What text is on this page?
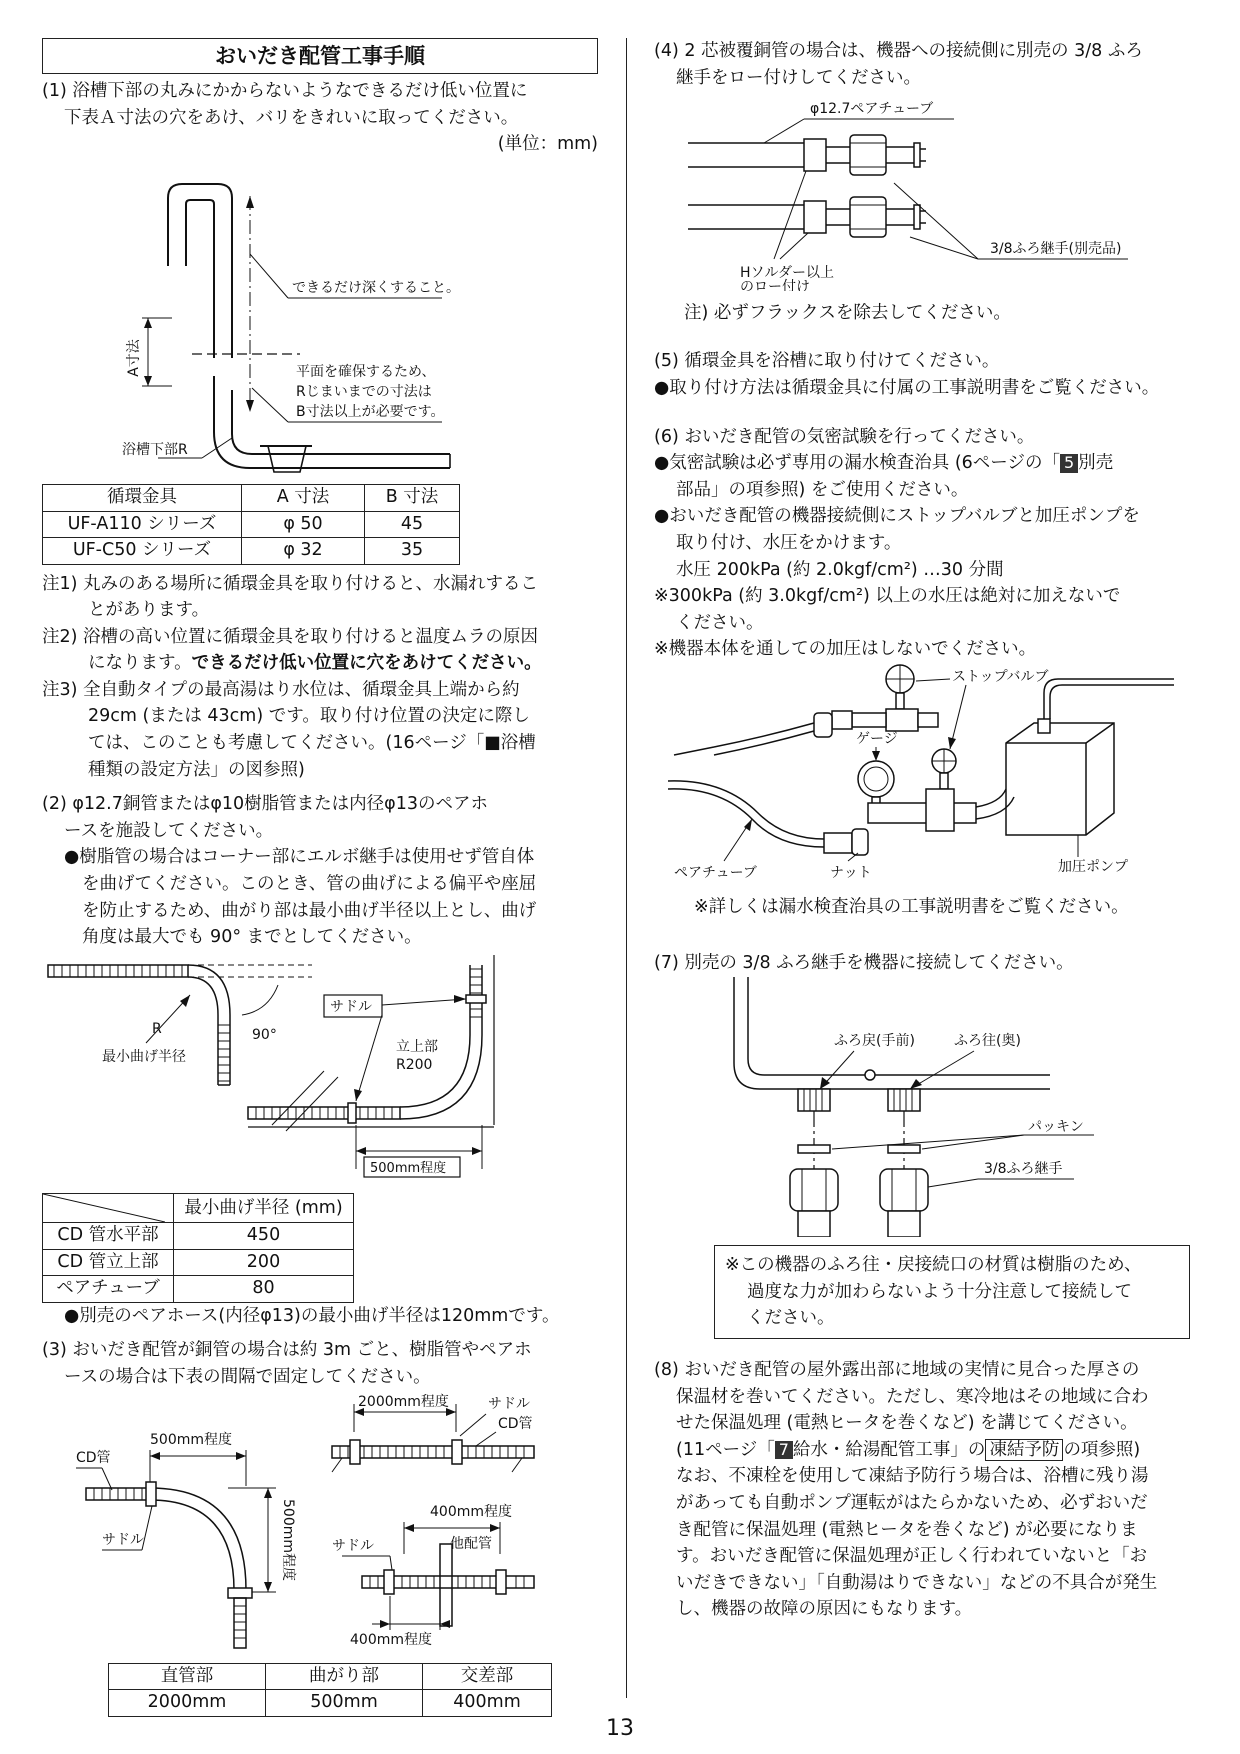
おいだき配管工事手順

(1) 浴槽下部の丸みにかからないようなできるだけ低い位置に

下表Ａ寸法の穴をあけ、バリをきれいに取ってください。

(単位：mm)

A寸法
できるだけ深くすること。
平面を確保するため、
Rじまいまでの寸法は
B寸法以上が必要です。
浴槽下部R
循環金具	A 寸法	B 寸法
UF-A110 シリーズ	φ 50	45
UF-C50 シリーズ	φ 32	35

注1) 丸みのある場所に循環金具を取り付けると、水漏れするこ

とがあります。

注2) 浴槽の高い位置に循環金具を取り付けると温度ムラの原因

になります。できるだけ低い位置に穴をあけてください。

注3) 全自動タイプの最高湯はり水位は、循環金具上端から約

29cm (または 43cm) です。取り付け位置の決定に際し

ては、このことも考慮してください。(16ページ「■浴槽

種類の設定方法」の図参照)

(2) φ12.7銅管またはφ10樹脂管または内径φ13のペアホ

ースを施設してください。

●樹脂管の場合はコーナー部にエルボ継手は使用せず管自体

を曲げてください。このとき、管の曲げによる偏平や座屈

を防止するため、曲がり部は最小曲げ半径以上とし、曲げ

角度は最大でも 90° までとしてください。

90°
R
最小曲げ半径
サドル
立上部
R200
500mm程度
	最小曲げ半径 (mm)
CD 管水平部	450
CD 管立上部	200
ペアチューブ	80

●別売のペアホース(内径φ13)の最小曲げ半径は120mmです。

(3) おいだき配管が銅管の場合は約 3m ごと、樹脂管やペアホ

ースの場合は下表の間隔で固定してください。

2000mm程度	サドル
CD管
500mm程度
CD管
500mm程度
サドル
400mm程度
他配管
サドル
400mm程度
直管部	曲がり部	交差部
2000mm	500mm	400mm

(4) 2 芯被覆銅管の場合は、機器への接続側に別売の 3/8 ふろ

継手をロー付けしてください。

φ12.7ペアチューブ
Hソルダー以上
のロー付け
3/8ふろ継手(別売品)

注) 必ずフラックスを除去してください。

(5) 循環金具を浴槽に取り付けてください。

●取り付け方法は循環金具に付属の工事説明書をご覧ください。

(6) おいだき配管の気密試験を行ってください。

●気密試験は必ず専用の漏水検査治具 (6ページの「 5 別売

部品」の項参照) をご使用ください。

●おいだき配管の機器接続側にストップバルブと加圧ポンプを

取り付け、水圧をかけます。

水圧 200kPa (約 2.0kgf/cm²) …30 分間

※300kPa (約 3.0kgf/cm²) 以上の水圧は絶対に加えないで

ください。

※機器本体を通しての加圧はしないでください。

ストップバルブ
ゲージ
加圧ポンプ
ペアチューブ	ナット

※詳しくは漏水検査治具の工事説明書をご覧ください。

(7) 別売の 3/8 ふろ継手を機器に接続してください。

ふろ戻(手前)	ふろ往(奥)
パッキン
3/8ふろ継手

※この機器のふろ往・戻接続口の材質は樹脂のため、

過度な力が加わらないよう十分注意して接続して

ください。

(8) おいだき配管の屋外露出部に地域の実情に見合った厚さの

保温材を巻いてください。ただし、寒冷地はその地域に合わ

せた保温処理 (電熱ヒータを巻くなど) を講じてください。

(11ページ「 7 給水・給湯配管工事」の 凍結予防 の項参照)

なお、不凍栓を使用して凍結予防行う場合は、浴槽に残り湯

があっても自動ポンプ運転がはたらかないため、必ずおいだ

き配管に保温処理 (電熱ヒータを巻くなど) が必要になりま

す。おいだき配管に保温処理が正しく行われていないと「お

いだきできない」「自動湯はりできない」などの不具合が発生

し、機器の故障の原因にもなります。

13
